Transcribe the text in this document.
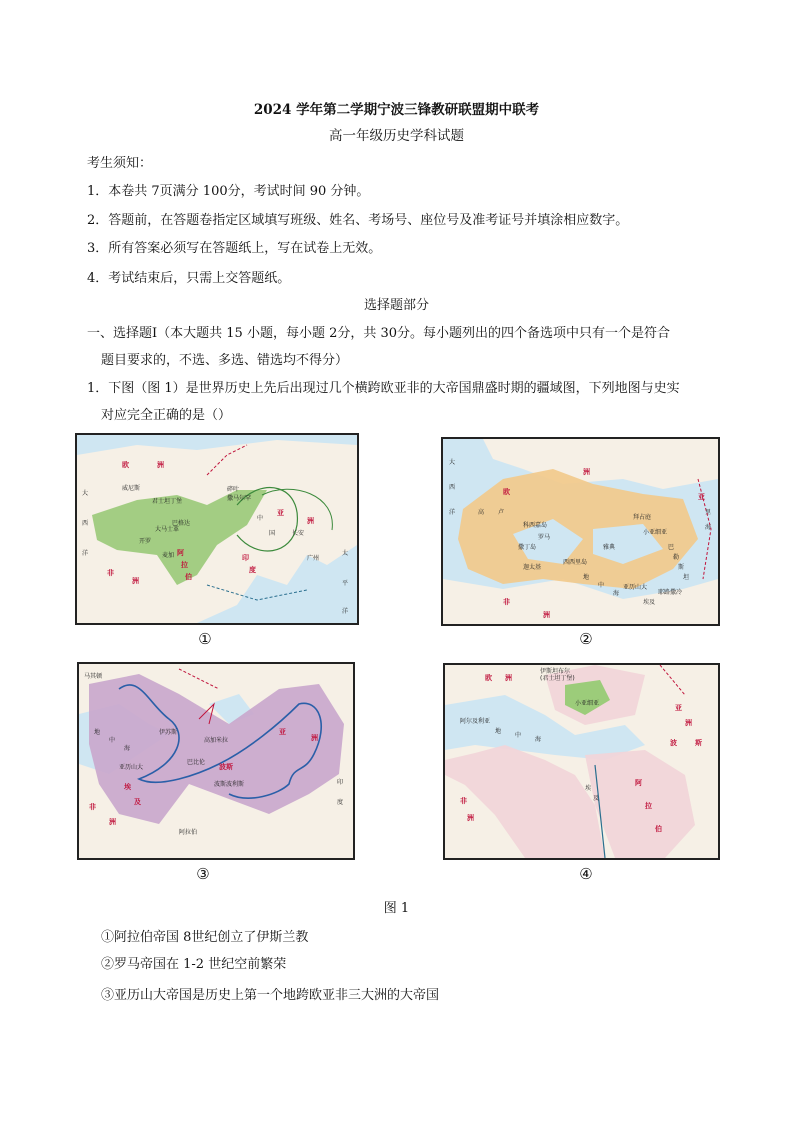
2024 学年第二学期宁波三锋教研联盟期中联考
高一年级历史学科试题
考生须知：
1．本卷共 7页满分 100分，考试时间 90 分钟。
2．答题前，在答题卷指定区域填写班级、姓名、考场号、座位号及准考证号并填涂相应数字。
3．所有答案必须写在答题纸上，写在试卷上无效。
4．考试结束后，只需上交答题纸。
选择题部分
一、选择题Ⅰ（本大题共 15 小题，每小题 2分，共 30分。每小题列出的四个备选项中只有一个是符合
题目要求的，不选、多选、错选均不得分）
1．下图（图 1）是世界历史上先后出现过几个横跨欧亚非的大帝国鼎盛时期的疆域图，下列地图与史实
对应完全正确的是（）
欧	洲
亚
洲
非
洲
阿
拉
伯
威尼斯
君士坦丁堡	撒马尔罕
巴格达
麦加
大马士革
开罗
中
国	长安
广州
印
度
大
西
洋	太
平
洋
碎叶
①
大
西
洋
欧
洲
高 卢
罗马
迦太基
雅典
拜占庭
小亚细亚
巴
勒
斯
坦
耶路撒冷
亚历山大
埃及
非
洲
西西里岛
撒丁岛
科西嘉岛
亚
里
海
地
中
海
②
马其顿
伊苏斯
高加米拉
亚历山大
巴比伦
波斯
波斯波利斯
埃
及
阿拉伯
印
度
亚
洲
非
洲
地
中
海
③
伊斯坦布尔
(君士坦丁堡)
小亚细亚
阿尔及利亚
埃
及
阿
拉
伯
波	斯
非
洲
亚
洲
欧 洲
地
中
海
④
图 1
①阿拉伯帝国 8世纪创立了伊斯兰教
②罗马帝国在 1-2 世纪空前繁荣
③亚历山大帝国是历史上第一个地跨欧亚非三大洲的大帝国
